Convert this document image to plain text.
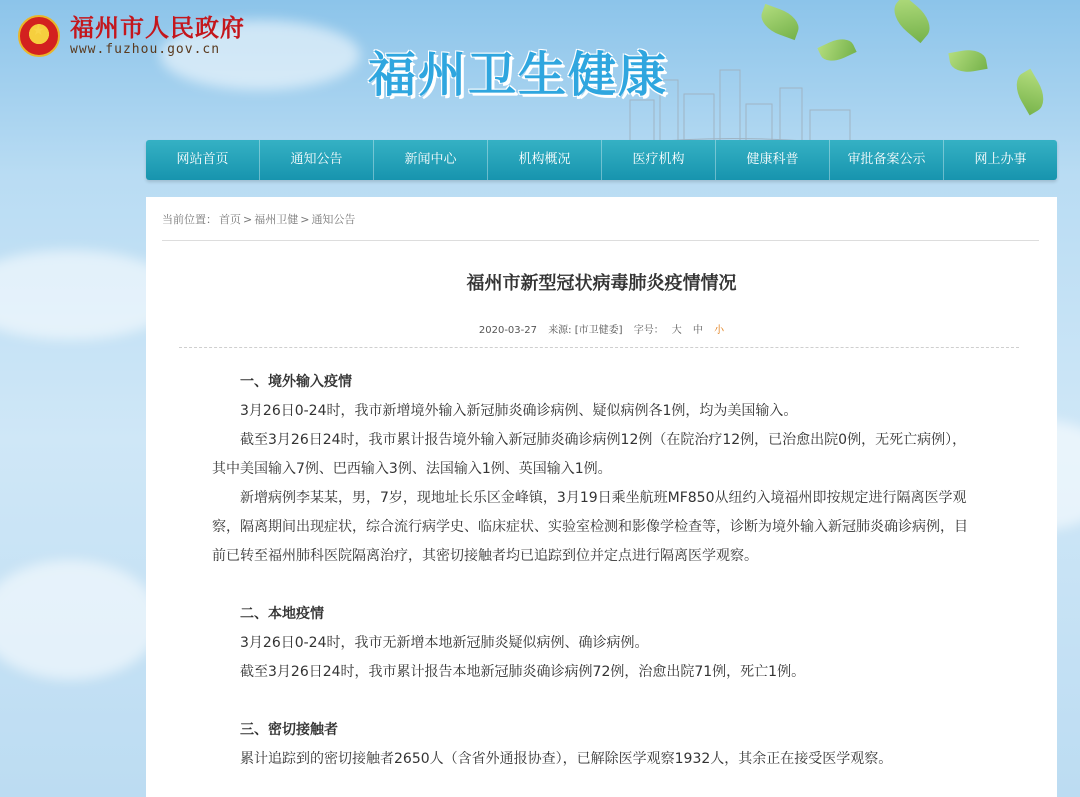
★
福州市人民政府
www.fuzhou.gov.cn	福州卫生健康
网站首页	通知公告	新闻中心	机构概况	医疗机构	健康科普	审批备案公示	网上办事
当前位置： 首页 > 福州卫健 > 通知公告
福州市新型冠状病毒肺炎疫情情况
2020-03-27 来源: [市卫健委] 字号： 大 中 小

一、境外输入疫情

3月26日0-24时，我市新增境外输入新冠肺炎确诊病例、疑似病例各1例，均为美国输入。

截至3月26日24时，我市累计报告境外输入新冠肺炎确诊病例12例（在院治疗12例，已治愈出院0例，无死亡病例），其中美国输入7例、巴西输入3例、法国输入1例、英国输入1例。

新增病例李某某，男，7岁，现地址长乐区金峰镇，3月19日乘坐航班MF850从纽约入境福州即按规定进行隔离医学观察，隔离期间出现症状，综合流行病学史、临床症状、实验室检测和影像学检查等，诊断为境外输入新冠肺炎确诊病例，目前已转至福州肺科医院隔离治疗，其密切接触者均已追踪到位并定点进行隔离医学观察。

二、本地疫情

3月26日0-24时，我市无新增本地新冠肺炎疑似病例、确诊病例。

截至3月26日24时，我市累计报告本地新冠肺炎确诊病例72例，治愈出院71例，死亡1例。

三、密切接触者

累计追踪到的密切接触者2650人（含省外通报协查），已解除医学观察1932人，其余正在接受医学观察。
